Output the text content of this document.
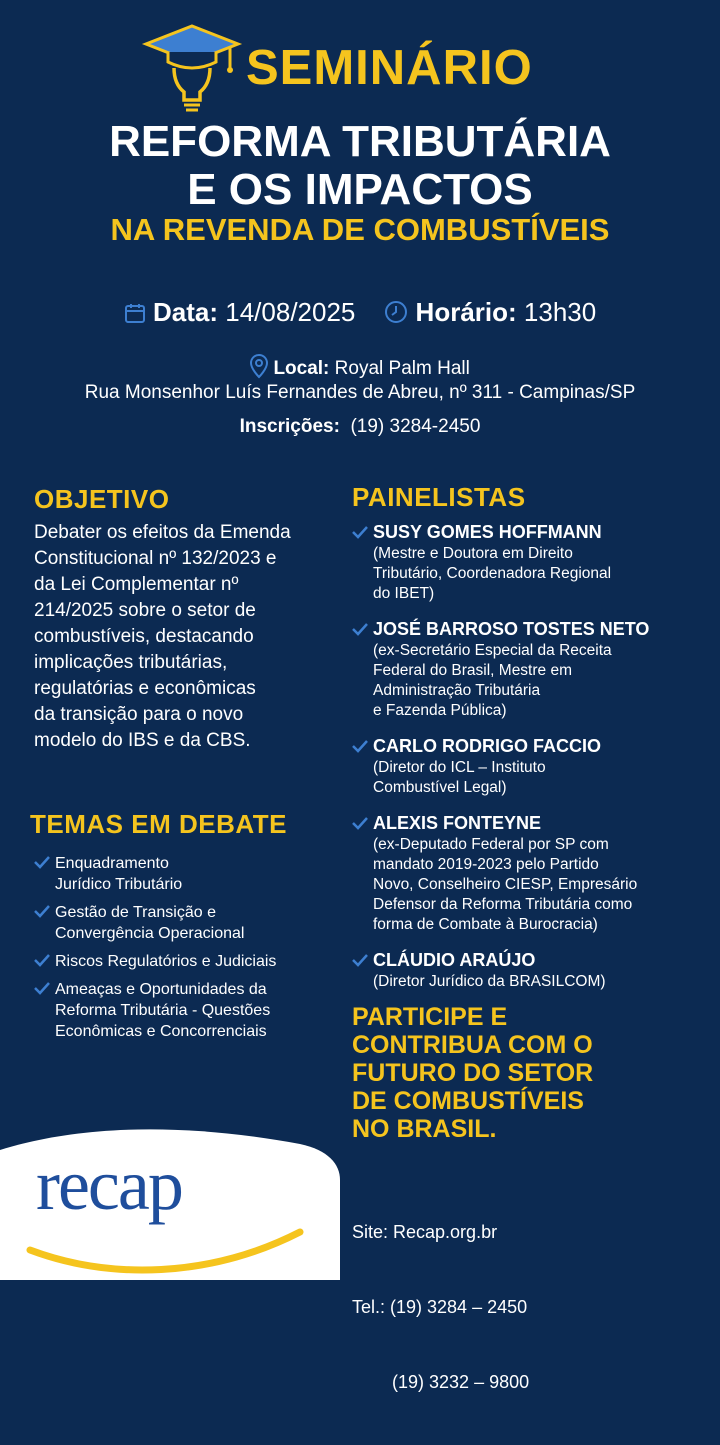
SEMINÁRIO
REFORMA TRIBUTÁRIA
E OS IMPACTOS
NA REVENDA DE COMBUSTÍVEIS
Data: 14/08/2025 Horário: 13h30
Local: Royal Palm Hall
Rua Monsenhor Luís Fernandes de Abreu, nº 311 - Campinas/SP
Inscrições: (19) 3284-2450
OBJETIVO
Debater os efeitos da Emenda
Constitucional nº 132/2023 e
da Lei Complementar nº
214/2025 sobre o setor de
combustíveis, destacando
implicações tributárias,
regulatórias e econômicas
da transição para o novo
modelo do IBS e da CBS.
TEMAS EM DEBATE
Enquadramento
Jurídico Tributário
Gestão de Transição e
Convergência Operacional
Riscos Regulatórios e Judiciais
Ameaças e Oportunidades da
Reforma Tributária - Questões
Econômicas e Concorrenciais
PAINELISTAS
SUSY GOMES HOFFMANN
(Mestre e Doutora em Direito
Tributário, Coordenadora Regional
do IBET)
JOSÉ BARROSO TOSTES NETO
(ex-Secretário Especial da Receita
Federal do Brasil, Mestre em
Administração Tributária
e Fazenda Pública)
CARLO RODRIGO FACCIO
(Diretor do ICL – Instituto
Combustível Legal)
ALEXIS FONTEYNE
(ex-Deputado Federal por SP com
mandato 2019-2023 pelo Partido
Novo, Conselheiro CIESP, Empresário
Defensor da Reforma Tributária como
forma de Combate à Burocracia)
CLÁUDIO ARAÚJO
(Diretor Jurídico da BRASILCOM)
PARTICIPE E
CONTRIBUA COM O
FUTURO DO SETOR
DE COMBUSTÍVEIS
NO BRASIL.

Site: Recap.org.br

Tel.: (19) 3284 – 2450

(19) 3232 – 9800

recap
